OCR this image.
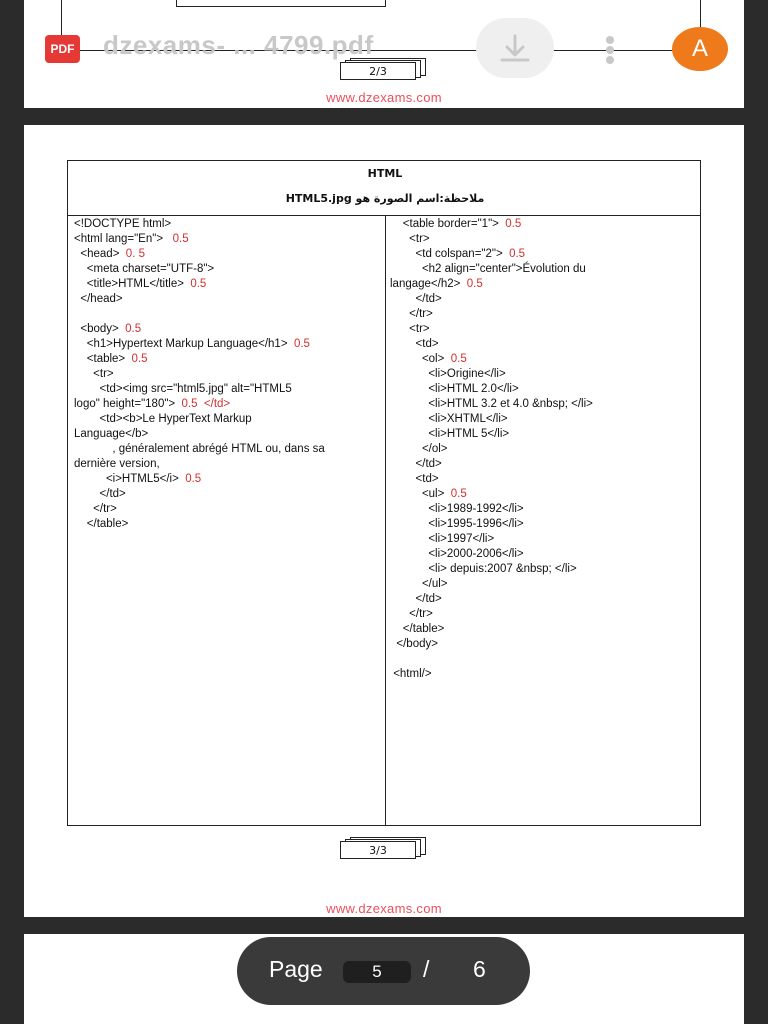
2/3
www.dzexams.com
PDF dzexams- ... 4799.pdf	A
HTML
ملاحظة:اسم الصورة هو HTML5.jpg
<!DOCTYPE html>
<html lang="En">   0.5
<head>  0. 5
<meta charset="UTF-8">
<title>HTML</title>  0.5
</head>
<body>  0.5
<h1>Hypertext Markup Language</h1>  0.5
<table>  0.5
<tr>
<td><img src="html5.jpg" alt="HTML5
logo" height="180">  0.5  </td>
<td><b>Le HyperText Markup
Language</b>
, généralement abrégé HTML ou, dans sa
dernière version,
<i>HTML5</i>  0.5
</td>
</tr>
</table>
<table border="1">  0.5
<tr>
<td colspan="2">  0.5
<h2 align="center">Évolution du
langage</h2>  0.5
</td>
</tr>
<tr>
<td>
<ol>  0.5
<li>Origine</li>
<li>HTML 2.0</li>
<li>HTML 3.2 et 4.0 &nbsp; </li>
<li>XHTML</li>
<li>HTML 5</li>
</ol>
</td>
<td>
<ul>  0.5
<li>1989-1992</li>
<li>1995-1996</li>
<li>1997</li>
<li>2000-2006</li>
<li> depuis:2007 &nbsp; </li>
</ul>
</td>
</tr>
</table>
</body>
<html/>
3/3
www.dzexams.com
Page	5	/ 6
